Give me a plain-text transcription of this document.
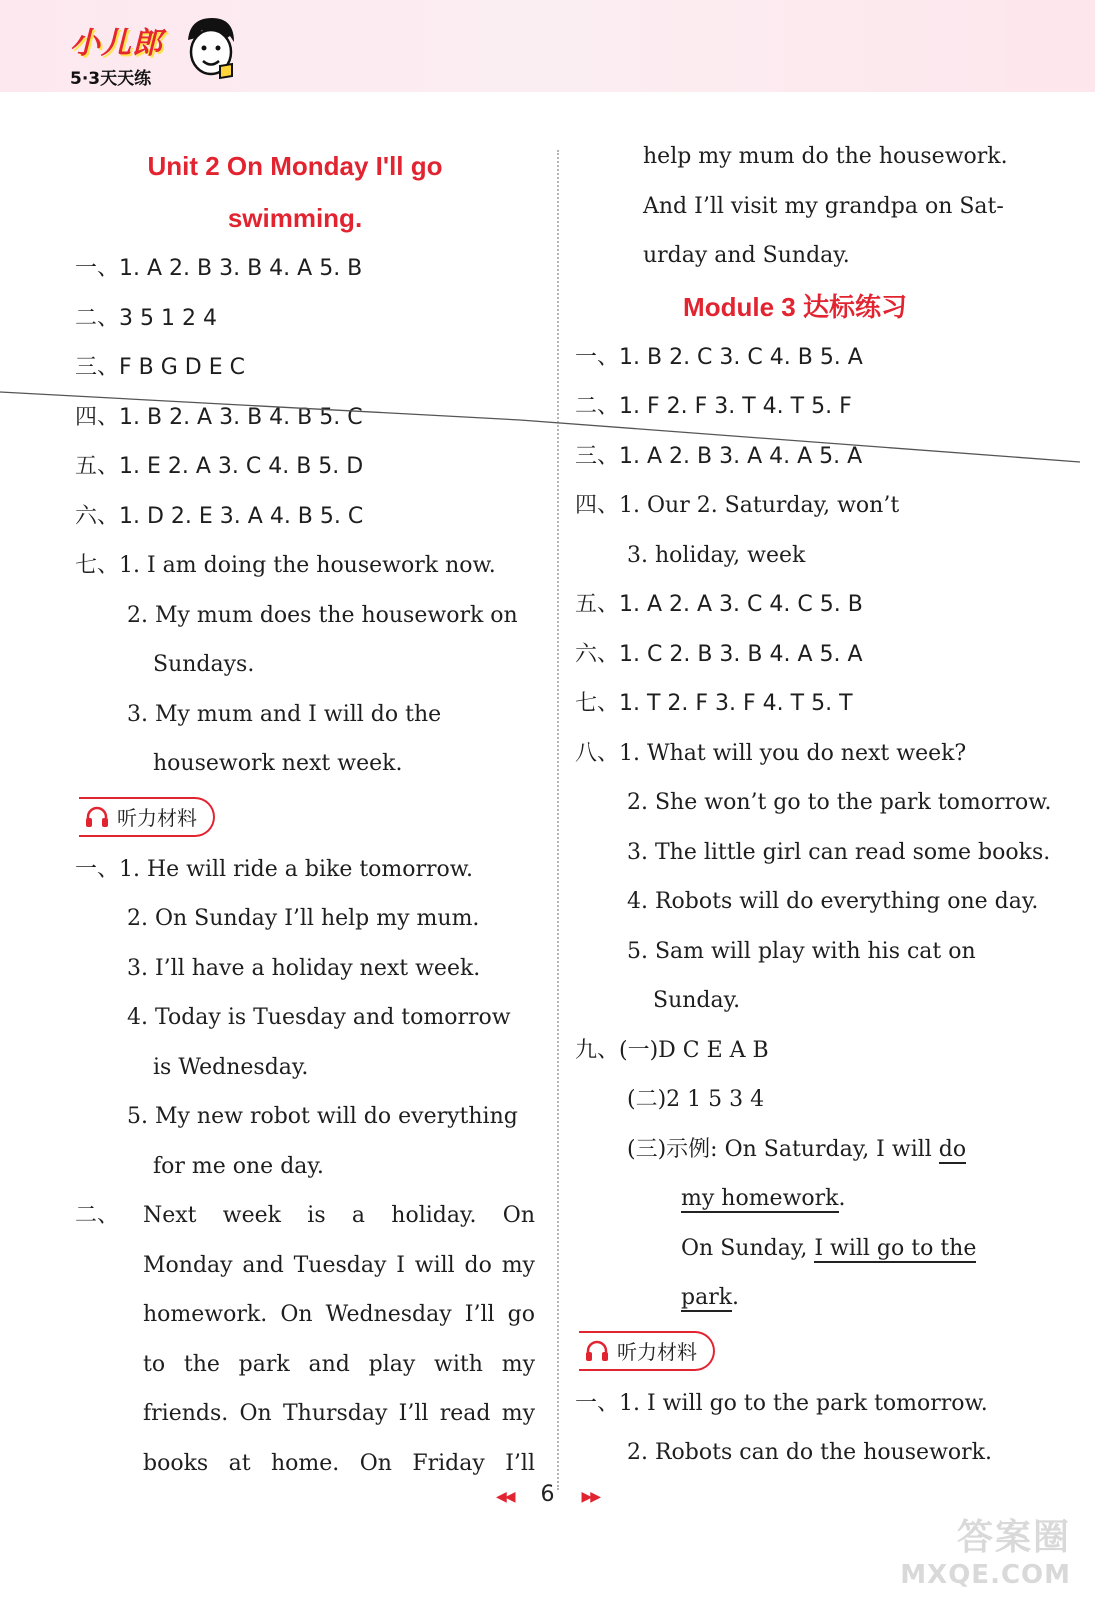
小儿郎
5·3天天练
Unit 2 On Monday I'll go
swimming.
一、1. A 2. B 3. B 4. A 5. B
二、3 5 1 2 4
三、F B G D E C
四、1. B 2. A 3. B 4. B 5. C
五、1. E 2. A 3. C 4. B 5. D
六、1. D 2. E 3. A 4. B 5. C
七、1. I am doing the housework now.
2. My mum does the housework on
Sundays.
3. My mum and I will do the
housework next week.
听力材料
一、1. He will ride a bike tomorrow.
2. On Sunday I’ll help my mum.
3. I’ll have a holiday next week.
4. Today is Tuesday and tomorrow
is Wednesday.
5. My new robot will do everything
for me one day.
二、 Next week is a holiday. On
Monday and Tuesday I will do my
homework. On Wednesday I’ll go
to the park and play with my
friends. On Thursday I’ll read my
books at home. On Friday I’ll
help my mum do the housework.
And I’ll visit my grandpa on Sat-
urday and Sunday.
Module 3 达标练习
一、1. B 2. C 3. C 4. B 5. A
二、1. F 2. F 3. T 4. T 5. F
三、1. A 2. B 3. A 4. A 5. A
四、1. Our 2. Saturday, won’t
3. holiday, week
五、1. A 2. A 3. C 4. C 5. B
六、1. C 2. B 3. B 4. A 5. A
七、1. T 2. F 3. F 4. T 5. T
八、1. What will you do next week?
2. She won’t go to the park tomorrow.
3. The little girl can read some books.
4. Robots will do everything one day.
5. Sam will play with his cat on
Sunday.
九、(一)D C E A B
(二)2 1 5 3 4
(三)示例: On Saturday, I will do
my homework.
On Sunday, I will go to the
park.
听力材料
一、1. I will go to the park tomorrow.
2. Robots can do the housework.
◀◀ 6 ▶▶
答案圈
MXQE.COM
